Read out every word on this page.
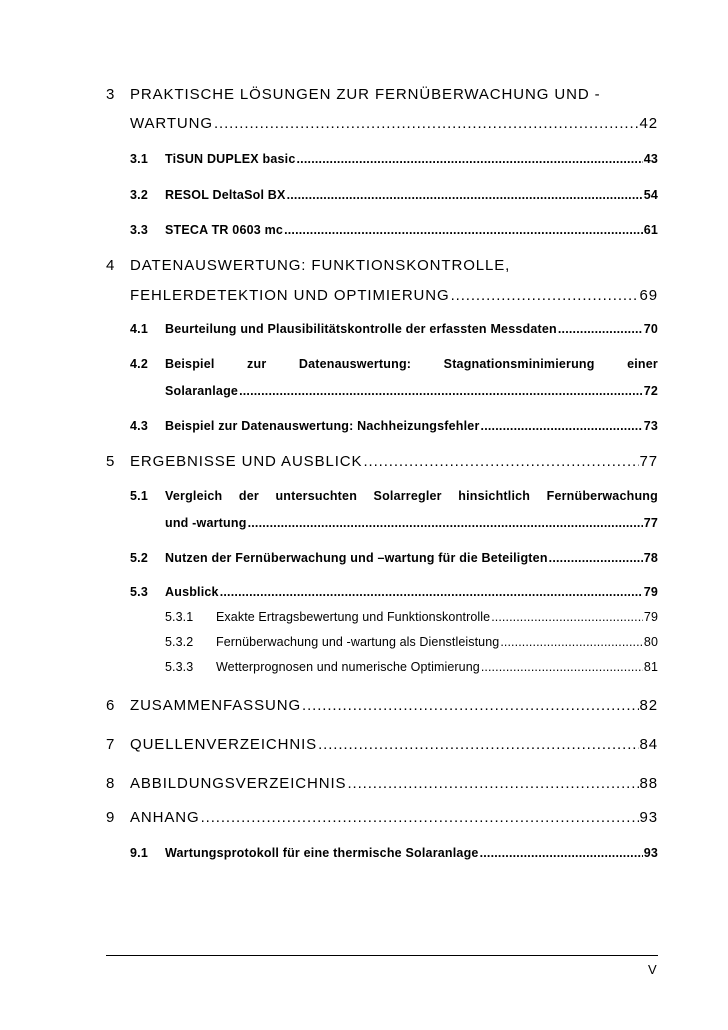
3 PRAKTISCHE LÖSUNGEN ZUR FERNÜBERWACHUNG UND -
WARTUNG .....	42
3.1 TiSUN DUPLEX basic .....	43
3.2 RESOL DeltaSol BX .....	54
3.3 STECA TR 0603 mc .....	61
4 DATENAUSWERTUNG: FUNKTIONSKONTROLLE,
FEHLERDETEKTION UND OPTIMIERUNG .....	69
4.1 Beurteilung und Plausibilitätskontrolle der erfassten Messdaten .....	70
4.2 Beispiel	zur	Datenauswertung:	Stagnationsminimierung	einer
Solaranlage .....	72
4.3 Beispiel zur Datenauswertung: Nachheizungsfehler .....	73
5 ERGEBNISSE UND AUSBLICK .....	77
5.1 Vergleich der untersuchten Solarregler hinsichtlich Fernüberwachung
und -wartung .....	77
5.2 Nutzen der Fernüberwachung und –wartung für die Beteiligten .....	78
5.3 Ausblick .....	79
5.3.1 Exakte Ertragsbewertung und Funktionskontrolle .....	79
5.3.2 Fernüberwachung und -wartung als Dienstleistung .....	80
5.3.3 Wetterprognosen und numerische Optimierung .....	81
6 ZUSAMMENFASSUNG .....	82
7 QUELLENVERZEICHNIS .....	84
8 ABBILDUNGSVERZEICHNIS .....	88
9 ANHANG .....	93
9.1 Wartungsprotokoll für eine thermische Solaranlage .....	93
V
